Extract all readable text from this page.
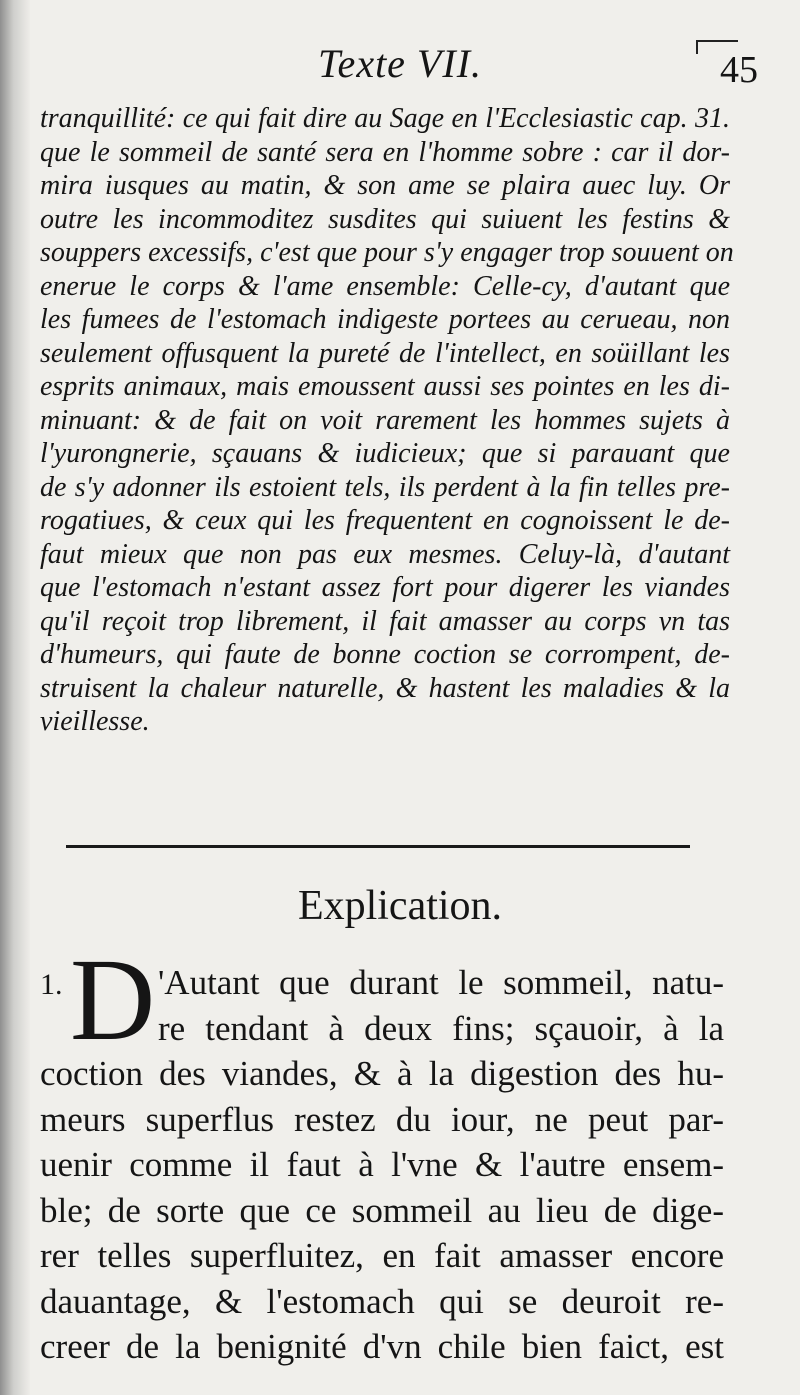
Texte VII.	45
tranquillité: ce qui fait dire au Sage en l'Ecclesiastic cap. 31.
que le sommeil de santé sera en l'homme sobre : car il dor-
mira iusques au matin, & son ame se plaira auec luy. Or
outre les incommoditez susdites qui suiuent les festins &
souppers excessifs, c'est que pour s'y engager trop souuent on
enerue le corps & l'ame ensemble: Celle-cy, d'autant que
les fumees de l'estomach indigeste portees au cerueau, non
seulement offusquent la pureté de l'intellect, en soüillant les
esprits animaux, mais emoussent aussi ses pointes en les di-
minuant: & de fait on voit rarement les hommes sujets à
l'yurongnerie, sçauans & iudicieux; que si parauant que
de s'y adonner ils estoient tels, ils perdent à la fin telles pre-
rogatiues, & ceux qui les frequentent en cognoissent le de-
faut mieux que non pas eux mesmes. Celuy-là, d'autant
que l'estomach n'estant assez fort pour digerer les viandes
qu'il reçoit trop librement, il fait amasser au corps vn tas
d'humeurs, qui faute de bonne coction se corrompent, de-
struisent la chaleur naturelle, & hastent les maladies & la
vieillesse.
Explication.
1. D 'Autant que durant le sommeil, natu-
re tendant à deux fins; sçauoir, à la
coction des viandes, & à la digestion des hu-
meurs superflus restez du iour, ne peut par-
uenir comme il faut à l'vne & l'autre ensem-
ble; de sorte que ce sommeil au lieu de dige-
rer telles superfluitez, en fait amasser encore
dauantage, & l'estomach qui se deuroit re-
creer de la benignité d'vn chile bien faict, est
